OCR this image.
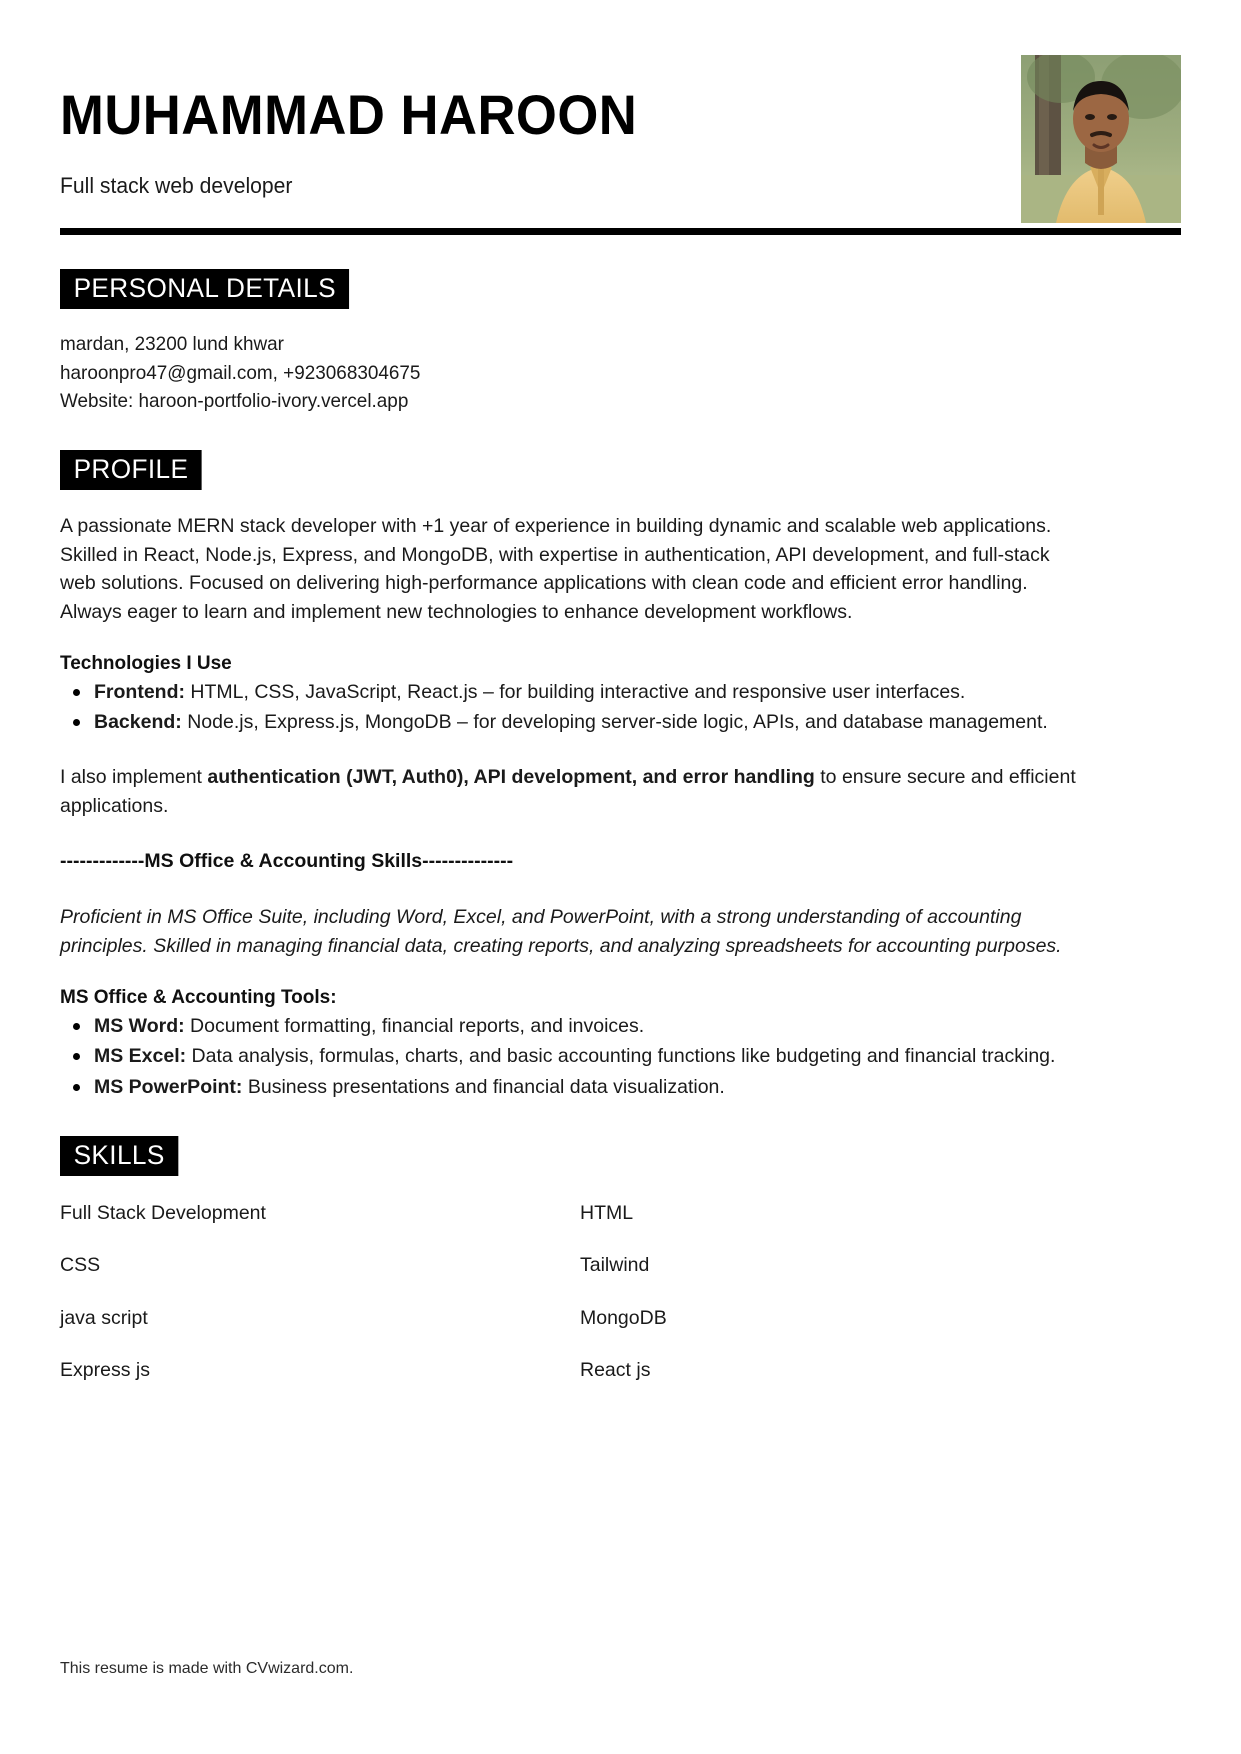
MUHAMMAD HAROON
Full stack web developer
PERSONAL DETAILS
mardan, 23200 lund khwar
haroonpro47@gmail.com, +923068304675
Website: haroon-portfolio-ivory.vercel.app
PROFILE

A passionate MERN stack developer with +1 year of experience in building dynamic and scalable web applications. Skilled in React, Node.js, Express, and MongoDB, with expertise in authentication, API development, and full-stack web solutions. Focused on delivering high-performance applications with clean code and efficient error handling. Always eager to learn and implement new technologies to enhance development workflows.

Technologies I Use
Frontend: HTML, CSS, JavaScript, React.js – for building interactive and responsive user interfaces.
Backend: Node.js, Express.js, MongoDB – for developing server-side logic, APIs, and database management.

I also implement authentication (JWT, Auth0), API development, and error handling to ensure secure and efficient applications.

-------------MS Office & Accounting Skills--------------

Proficient in MS Office Suite, including Word, Excel, and PowerPoint, with a strong understanding of accounting principles. Skilled in managing financial data, creating reports, and analyzing spreadsheets for accounting purposes.

MS Office & Accounting Tools:
MS Word: Document formatting, financial reports, and invoices.
MS Excel: Data analysis, formulas, charts, and basic accounting functions like budgeting and financial tracking.
MS PowerPoint: Business presentations and financial data visualization.
SKILLS
Full Stack Development	HTML
CSS	Tailwind
java script	MongoDB
Express js	React js
This resume is made with CVwizard.com.
